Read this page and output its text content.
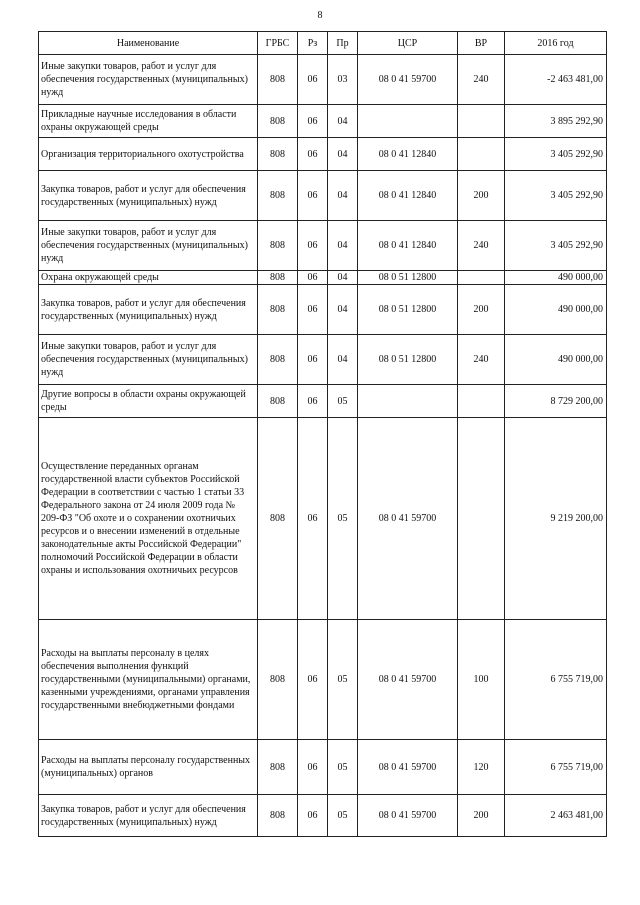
8
Наименование	ГРБС	Рз	Пр	ЦСР	ВР	2016 год
Иные закупки товаров, работ и услуг для обеспечения государственных (муниципальных) нужд	808	06	03	08 0 41 59700	240	-2 463 481,00
Прикладные научные исследования в области охраны окружающей среды	808	06	04			3 895 292,90
Организация территориального охотустройства	808	06	04	08 0 41 12840		3 405 292,90
Закупка товаров, работ и услуг для обеспечения государственных (муниципальных) нужд	808	06	04	08 0 41 12840	200	3 405 292,90
Иные закупки товаров, работ и услуг для обеспечения государственных (муниципальных) нужд	808	06	04	08 0 41 12840	240	3 405 292,90
Охрана окружающей среды	808	06	04	08 0 51 12800		490 000,00
Закупка товаров, работ и услуг для обеспечения государственных (муниципальных) нужд	808	06	04	08 0 51 12800	200	490 000,00
Иные закупки товаров, работ и услуг для обеспечения государственных (муниципальных) нужд	808	06	04	08 0 51 12800	240	490 000,00
Другие вопросы в области охраны окружающей среды	808	06	05			8 729 200,00
Осуществление переданных органам государственной власти субъектов Российской Федерации в соответствии с частью 1 статьи 33 Федерального закона от 24 июля 2009 года № 209-ФЗ "Об охоте и о сохранении охотничьих ресурсов и о внесении изменений в отдельные законодательные акты Российской Федерации" полномочий Российской Федерации в области охраны и использования охотничьих ресурсов	808	06	05	08 0 41 59700		9 219 200,00
Расходы на выплаты персоналу в целях обеспечения выполнения функций государственными (муниципальными) органами, казенными учреждениями, органами управления государственными внебюджетными фондами	808	06	05	08 0 41 59700	100	6 755 719,00
Расходы на выплаты персоналу государственных (муниципальных) органов	808	06	05	08 0 41 59700	120	6 755 719,00
Закупка товаров, работ и услуг для обеспечения государственных (муниципальных) нужд	808	06	05	08 0 41 59700	200	2 463 481,00
